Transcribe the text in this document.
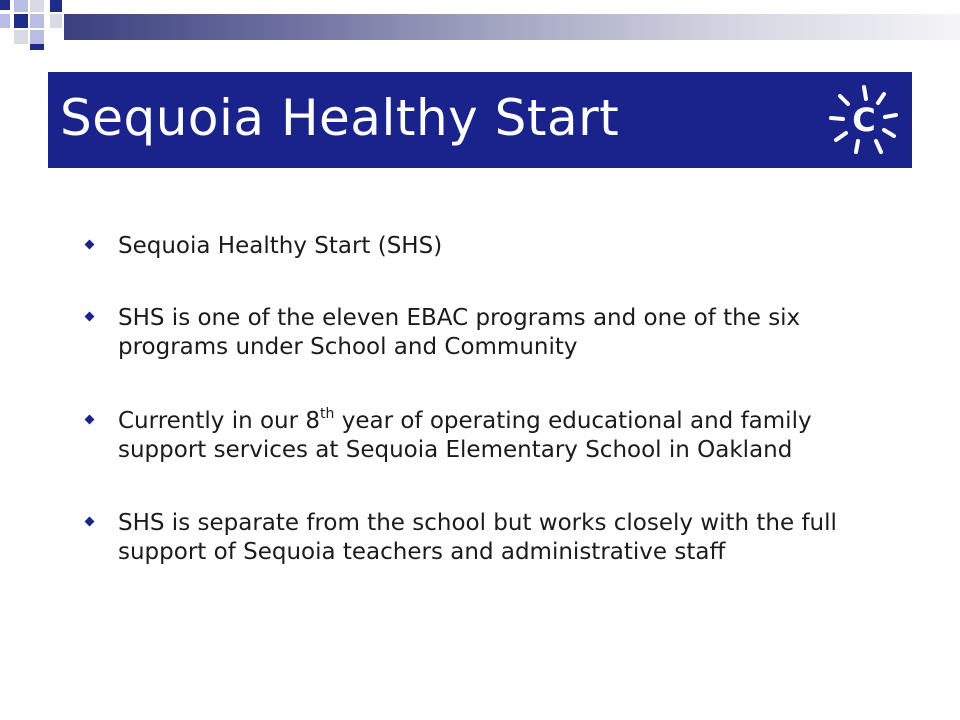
Sequoia Healthy Start	C
Sequoia Healthy Start (SHS)
SHS is one of the eleven EBAC programs and one of the six programs under School and Community
Currently in our 8th year of operating educational and family support services at Sequoia Elementary School in Oakland
SHS is separate from the school but works closely with the full support of Sequoia teachers and administrative staff
